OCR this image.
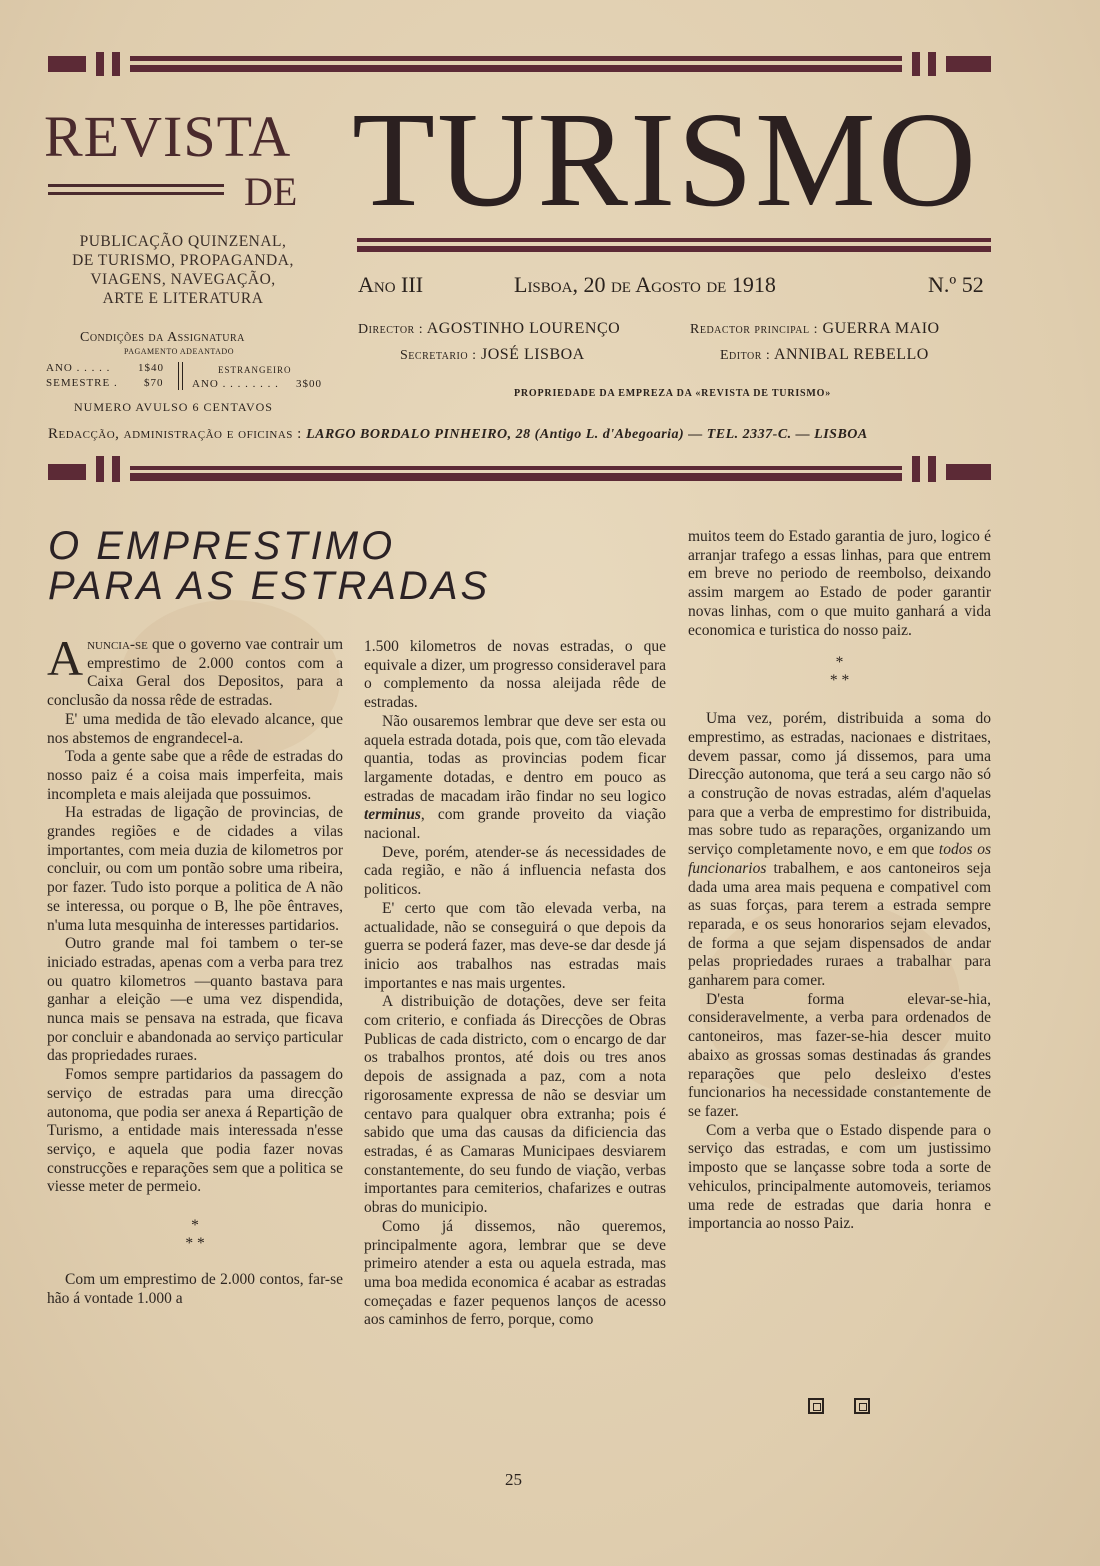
REVISTA
DE TURISMO
PUBLICAÇÃO QUINZENAL, DE TURISMO, PROPAGANDA, VIAGENS, NAVEGAÇÃO, ARTE E LITERATURA
Condições da Assignatura
PAGAMENTO ADEANTADO
ANO . . . . .	1$40
SEMESTRE . $70
ESTRANGEIRO
ANO . . . . . . . . 3$00
NUMERO AVULSO 6 CENTAVOS
Ano III	Lisboa, 20 de Agosto de 1918	N.º 52
Director : AGOSTINHO LOURENÇO	Redactor principal : GUERRA MAIO
Secretario : JOSÉ LISBOA	Editor : ANNIBAL REBELLO
PROPRIEDADE DA EMPREZA DA «REVISTA DE TURISMO»
Redacção, administração e oficinas : LARGO BORDALO PINHEIRO, 28 (Antigo L. d'Abegoaria) — TEL. 2337-C. — LISBOA
O EMPRESTIMO
PARA AS ESTRADAS

Anuncia-se que o governo vae contrair um emprestimo de 2.000 contos com a Caixa Geral dos Depositos, para a conclusão da nossa rêde de estradas.

E' uma medida de tão elevado alcance, que nos abstemos de engrandecel-a.

Toda a gente sabe que a rêde de estradas do nosso paiz é a coisa mais imperfeita, mais incompleta e mais aleijada que possuimos.

Ha estradas de ligação de provincias, de grandes regiões e de cidades a vilas importantes, com meia duzia de kilometros por concluir, ou com um pontão sobre uma ribeira, por fazer. Tudo isto porque a politica de A não se interessa, ou porque o B, lhe põe êntraves, n'uma luta mesquinha de interesses partidarios.

Outro grande mal foi tambem o ter-se iniciado estradas, apenas com a verba para trez ou quatro kilometros —quanto bastava para ganhar a eleição —e uma vez dispendida, nunca mais se pensava na estrada, que ficava por concluir e abandonada ao serviço particular das propriedades ruraes.

Fomos sempre partidarios da passagem do serviço de estradas para uma direcção autonoma, que podia ser anexa á Repartição de Turismo, a entidade mais interessada n'esse serviço, e aquela que podia fazer novas construcções e reparações sem que a politica se viesse meter de permeio.

*
* *

Com um emprestimo de 2.000 contos, far-se hão á vontade 1.000 a

1.500 kilometros de novas estradas, o que equivale a dizer, um progresso consideravel para o complemento da nossa aleijada rêde de estradas.

Não ousaremos lembrar que deve ser esta ou aquela estrada dotada, pois que, com tão elevada quantia, todas as provincias podem ficar largamente dotadas, e dentro em pouco as estradas de macadam irão findar no seu logico terminus, com grande proveito da viação nacional.

Deve, porém, atender-se ás necessidades de cada região, e não á influencia nefasta dos politicos.

E' certo que com tão elevada verba, na actualidade, não se conseguirá o que depois da guerra se poderá fazer, mas deve-se dar desde já inicio aos trabalhos nas estradas mais importantes e nas mais urgentes.

A distribuição de dotações, deve ser feita com criterio, e confiada ás Direcções de Obras Publicas de cada districto, com o encargo de dar os trabalhos prontos, até dois ou tres anos depois de assignada a paz, com a nota rigorosamente expressa de não se desviar um centavo para qualquer obra extranha; pois é sabido que uma das causas da dificiencia das estradas, é as Camaras Municipaes desviarem constantemente, do seu fundo de viação, verbas importantes para cemiterios, chafarizes e outras obras do municipio.

Como já dissemos, não queremos, principalmente agora, lembrar que se deve primeiro atender a esta ou aquela estrada, mas uma boa medida economica é acabar as estradas começadas e fazer pequenos lanços de acesso aos caminhos de ferro, porque, como

muitos teem do Estado garantia de juro, logico é arranjar trafego a essas linhas, para que entrem em breve no periodo de reembolso, deixando assim margem ao Estado de poder garantir novas linhas, com o que muito ganhará a vida economica e turistica do nosso paiz.

*
* *

Uma vez, porém, distribuida a soma do emprestimo, as estradas, nacionaes e distritaes, devem passar, como já dissemos, para uma Direcção autonoma, que terá a seu cargo não só a construção de novas estradas, além d'aquelas para que a verba de emprestimo for distribuida, mas sobre tudo as reparações, organizando um serviço completamente novo, e em que todos os funcionarios trabalhem, e aos cantoneiros seja dada uma area mais pequena e compativel com as suas forças, para terem a estrada sempre reparada, e os seus honorarios sejam elevados, de forma a que sejam dispensados de andar pelas propriedades ruraes a trabalhar para ganharem para comer.

D'esta forma elevar-se-hia, consideravelmente, a verba para ordenados de cantoneiros, mas fazer-se-hia descer muito abaixo as grossas somas destinadas ás grandes reparações que pelo desleixo d'estes funcionarios ha necessidade constantemente de se fazer.

Com a verba que o Estado dispende para o serviço das estradas, e com um justissimo imposto que se lançasse sobre toda a sorte de vehiculos, principalmente automoveis, teriamos uma rede de estradas que daria honra e importancia ao nosso Paiz.

25
